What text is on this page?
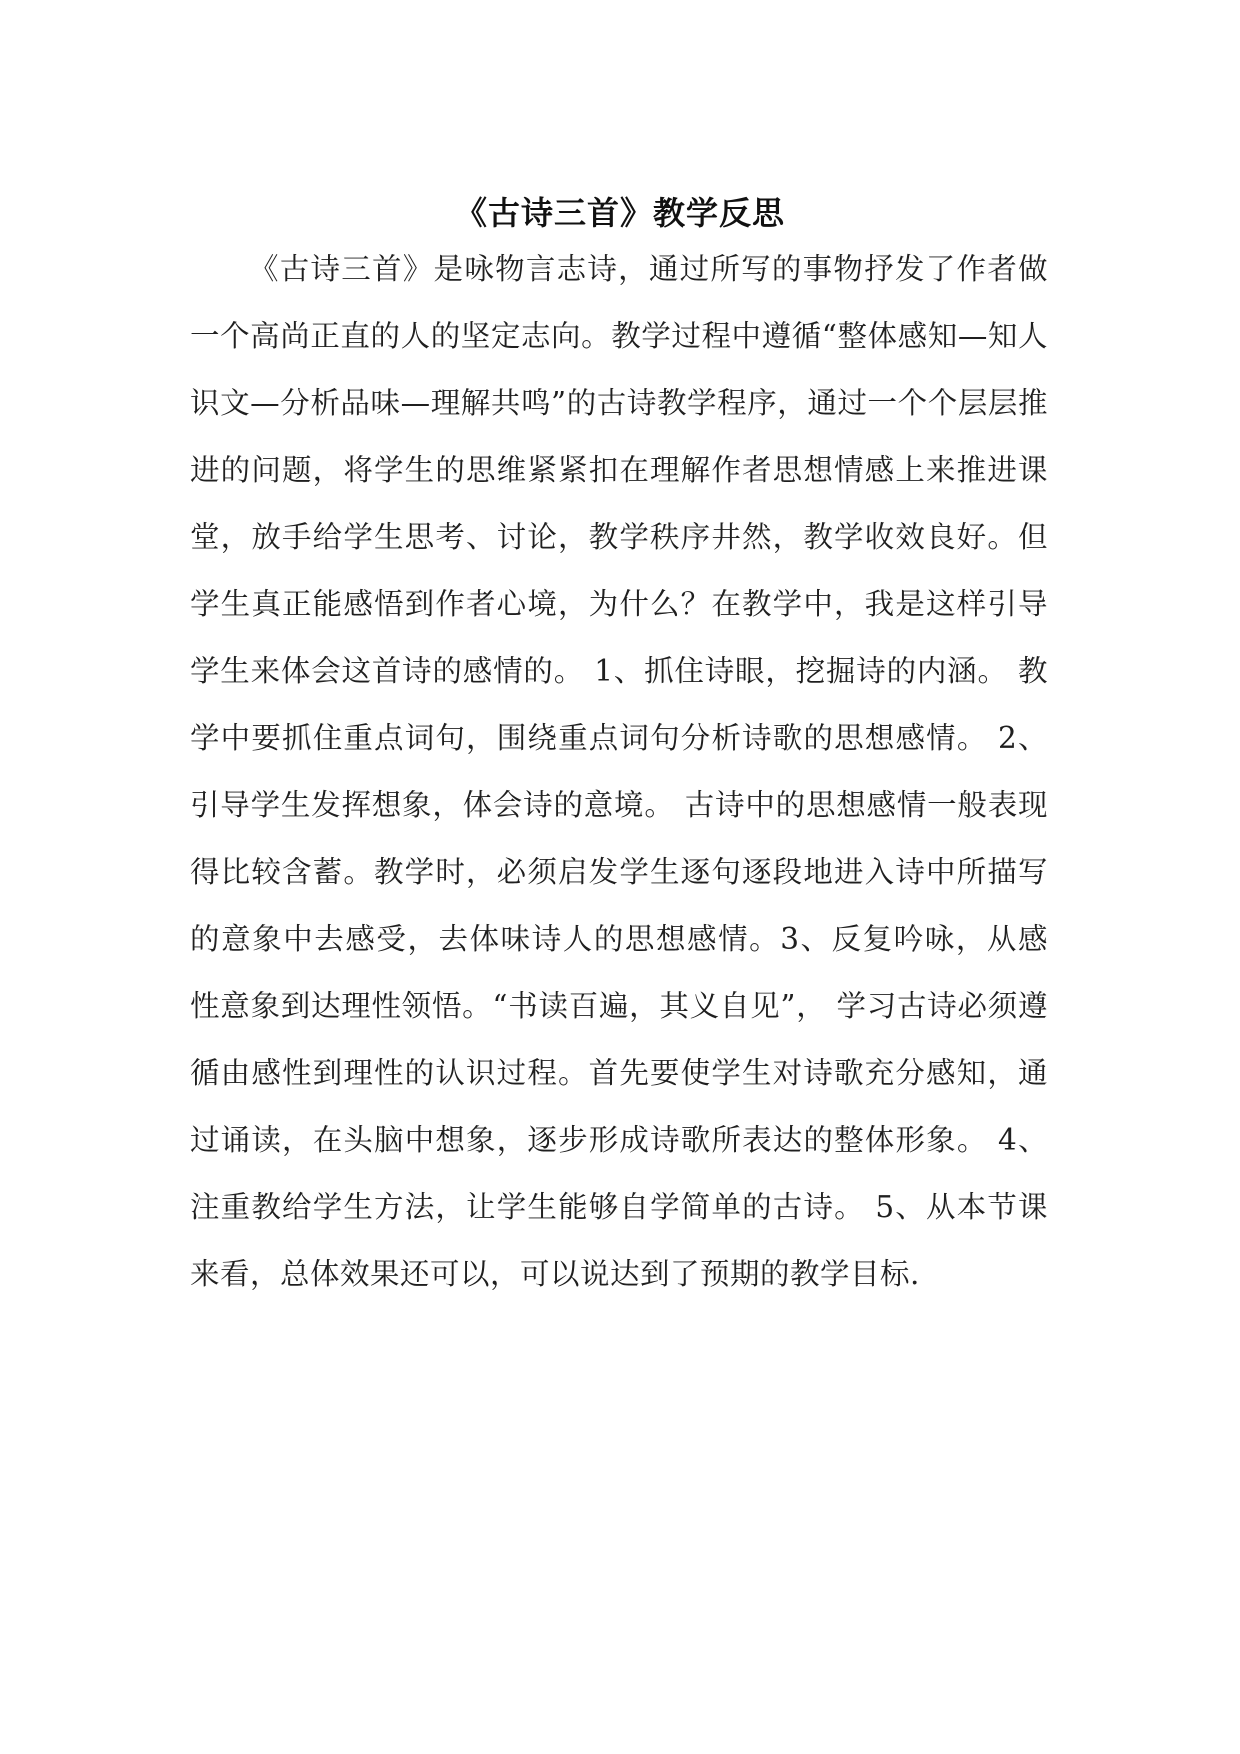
《古诗三首》教学反思

《古诗三首》是咏物言志诗，通过所写的事物抒发了作者做一个高尚正直的人的坚定志向。教学过程中遵循“整体感知—知人识文—分析品味—理解共鸣”的古诗教学程序，通过一个个层层推进的问题，将学生的思维紧紧扣在理解作者思想情感上来推进课堂，放手给学生思考、讨论，教学秩序井然，教学收效良好。但学生真正能感悟到作者心境，为什么？在教学中，我是这样引导学生来体会这首诗的感情的。 1、抓住诗眼，挖掘诗的内涵。 教学中要抓住重点词句，围绕重点词句分析诗歌的思想感情。 2、引导学生发挥想象，体会诗的意境。 古诗中的思想感情一般表现得比较含蓄。教学时，必须启发学生逐句逐段地进入诗中所描写的意象中去感受，去体味诗人的思想感情。3、反复吟咏，从感性意象到达理性领悟。“书读百遍，其义自见”， 学习古诗必须遵循由感性到理性的认识过程。首先要使学生对诗歌充分感知，通过诵读，在头脑中想象，逐步形成诗歌所表达的整体形象。 4、注重教给学生方法，让学生能够自学简单的古诗。 5、从本节课来看，总体效果还可以，可以说达到了预期的教学目标.
